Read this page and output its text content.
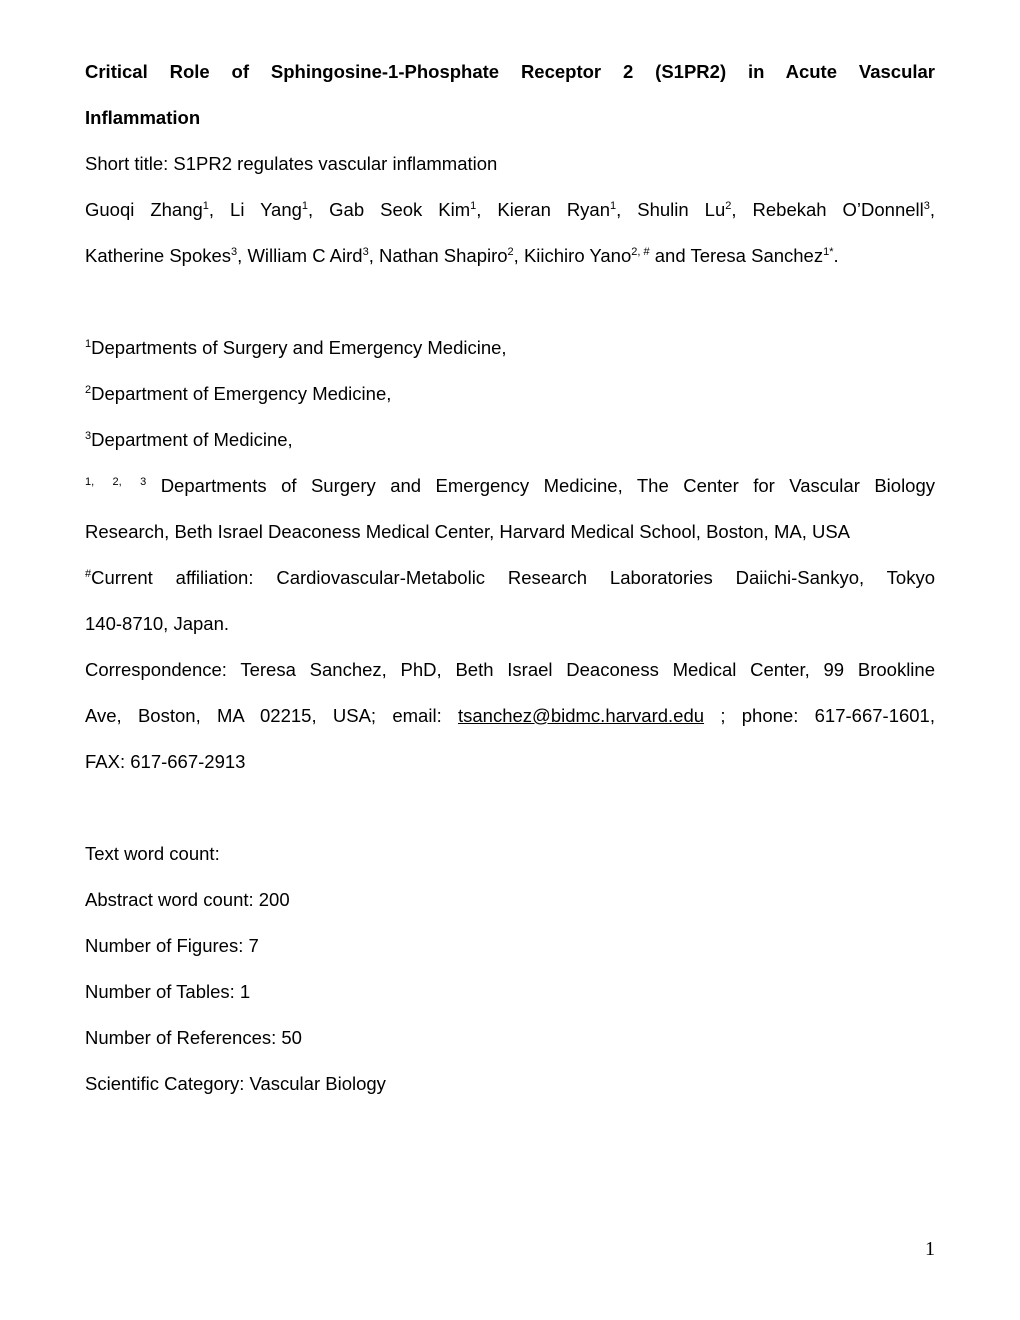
Critical Role of Sphingosine-1-Phosphate Receptor 2 (S1PR2) in Acute Vascular
Inflammation
Short title: S1PR2 regulates vascular inflammation
Guoqi Zhang$^1$, Li Yang$^1$, Gab Seok Kim$^1$, Kieran Ryan$^1$, Shulin Lu$^2$, Rebekah O’Donnell$^3$,
Katherine Spokes$^3$, William C Aird$^3$, Nathan Shapiro$^2$, Kiichiro Yano$^{2, \#}$ and Teresa Sanchez$^{1*}$.
$^1$Departments of Surgery and Emergency Medicine,
$^2$Department of Emergency Medicine,
$^3$Department of Medicine,
$^{1, 2, 3}$ Departments of Surgery and Emergency Medicine, The Center for Vascular Biology
Research, Beth Israel Deaconess Medical Center, Harvard Medical School, Boston, MA, USA
#Current affiliation: Cardiovascular-Metabolic Research Laboratories Daiichi-Sankyo, Tokyo
140-8710, Japan.
Correspondence: Teresa Sanchez, PhD, Beth Israel Deaconess Medical Center, 99 Brookline
Ave, Boston, MA 02215, USA; email: tsanchez@bidmc.harvard.edu ; phone: 617-667-1601,
FAX: 617-667-2913
Text word count:
Abstract word count: 200
Number of Figures: 7
Number of Tables: 1
Number of References: 50
Scientific Category: Vascular Biology
1
